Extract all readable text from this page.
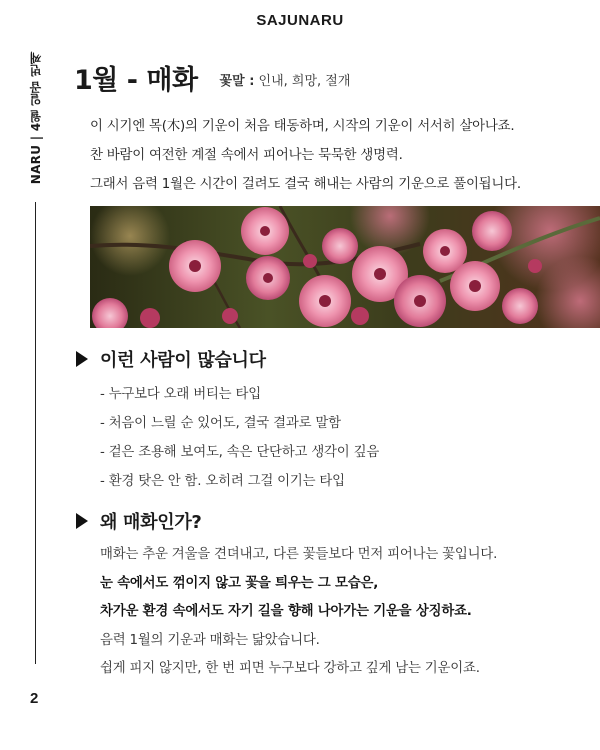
SAJUNARU
NARU | 4월 일곱 번째
2
1월 - 매화 꽃말 : 인내, 희망, 절개

이 시기엔 목(木)의 기운이 처음 태동하며, 시작의 기운이 서서히 살아나죠.

찬 바람이 여전한 계절 속에서 피어나는 묵묵한 생명력.

그래서 음력 1월은 시간이 걸려도 결국 해내는 사람의 기운으로 풀이됩니다.

이런 사람이 많습니다
- 누구보다 오래 버티는 타입
- 처음이 느릴 순 있어도, 결국 결과로 말함
- 겉은 조용해 보여도, 속은 단단하고 생각이 깊음
- 환경 탓은 안 함. 오히려 그걸 이기는 타입
왜 매화인가?

매화는 추운 겨울을 견뎌내고, 다른 꽃들보다 먼저 피어나는 꽃입니다.

눈 속에서도 꺾이지 않고 꽃을 틔우는 그 모습은,

차가운 환경 속에서도 자기 길을 향해 나아가는 기운을 상징하죠.

음력 1월의 기운과 매화는 닮았습니다.

쉽게 피지 않지만, 한 번 피면 누구보다 강하고 깊게 남는 기운이죠.
